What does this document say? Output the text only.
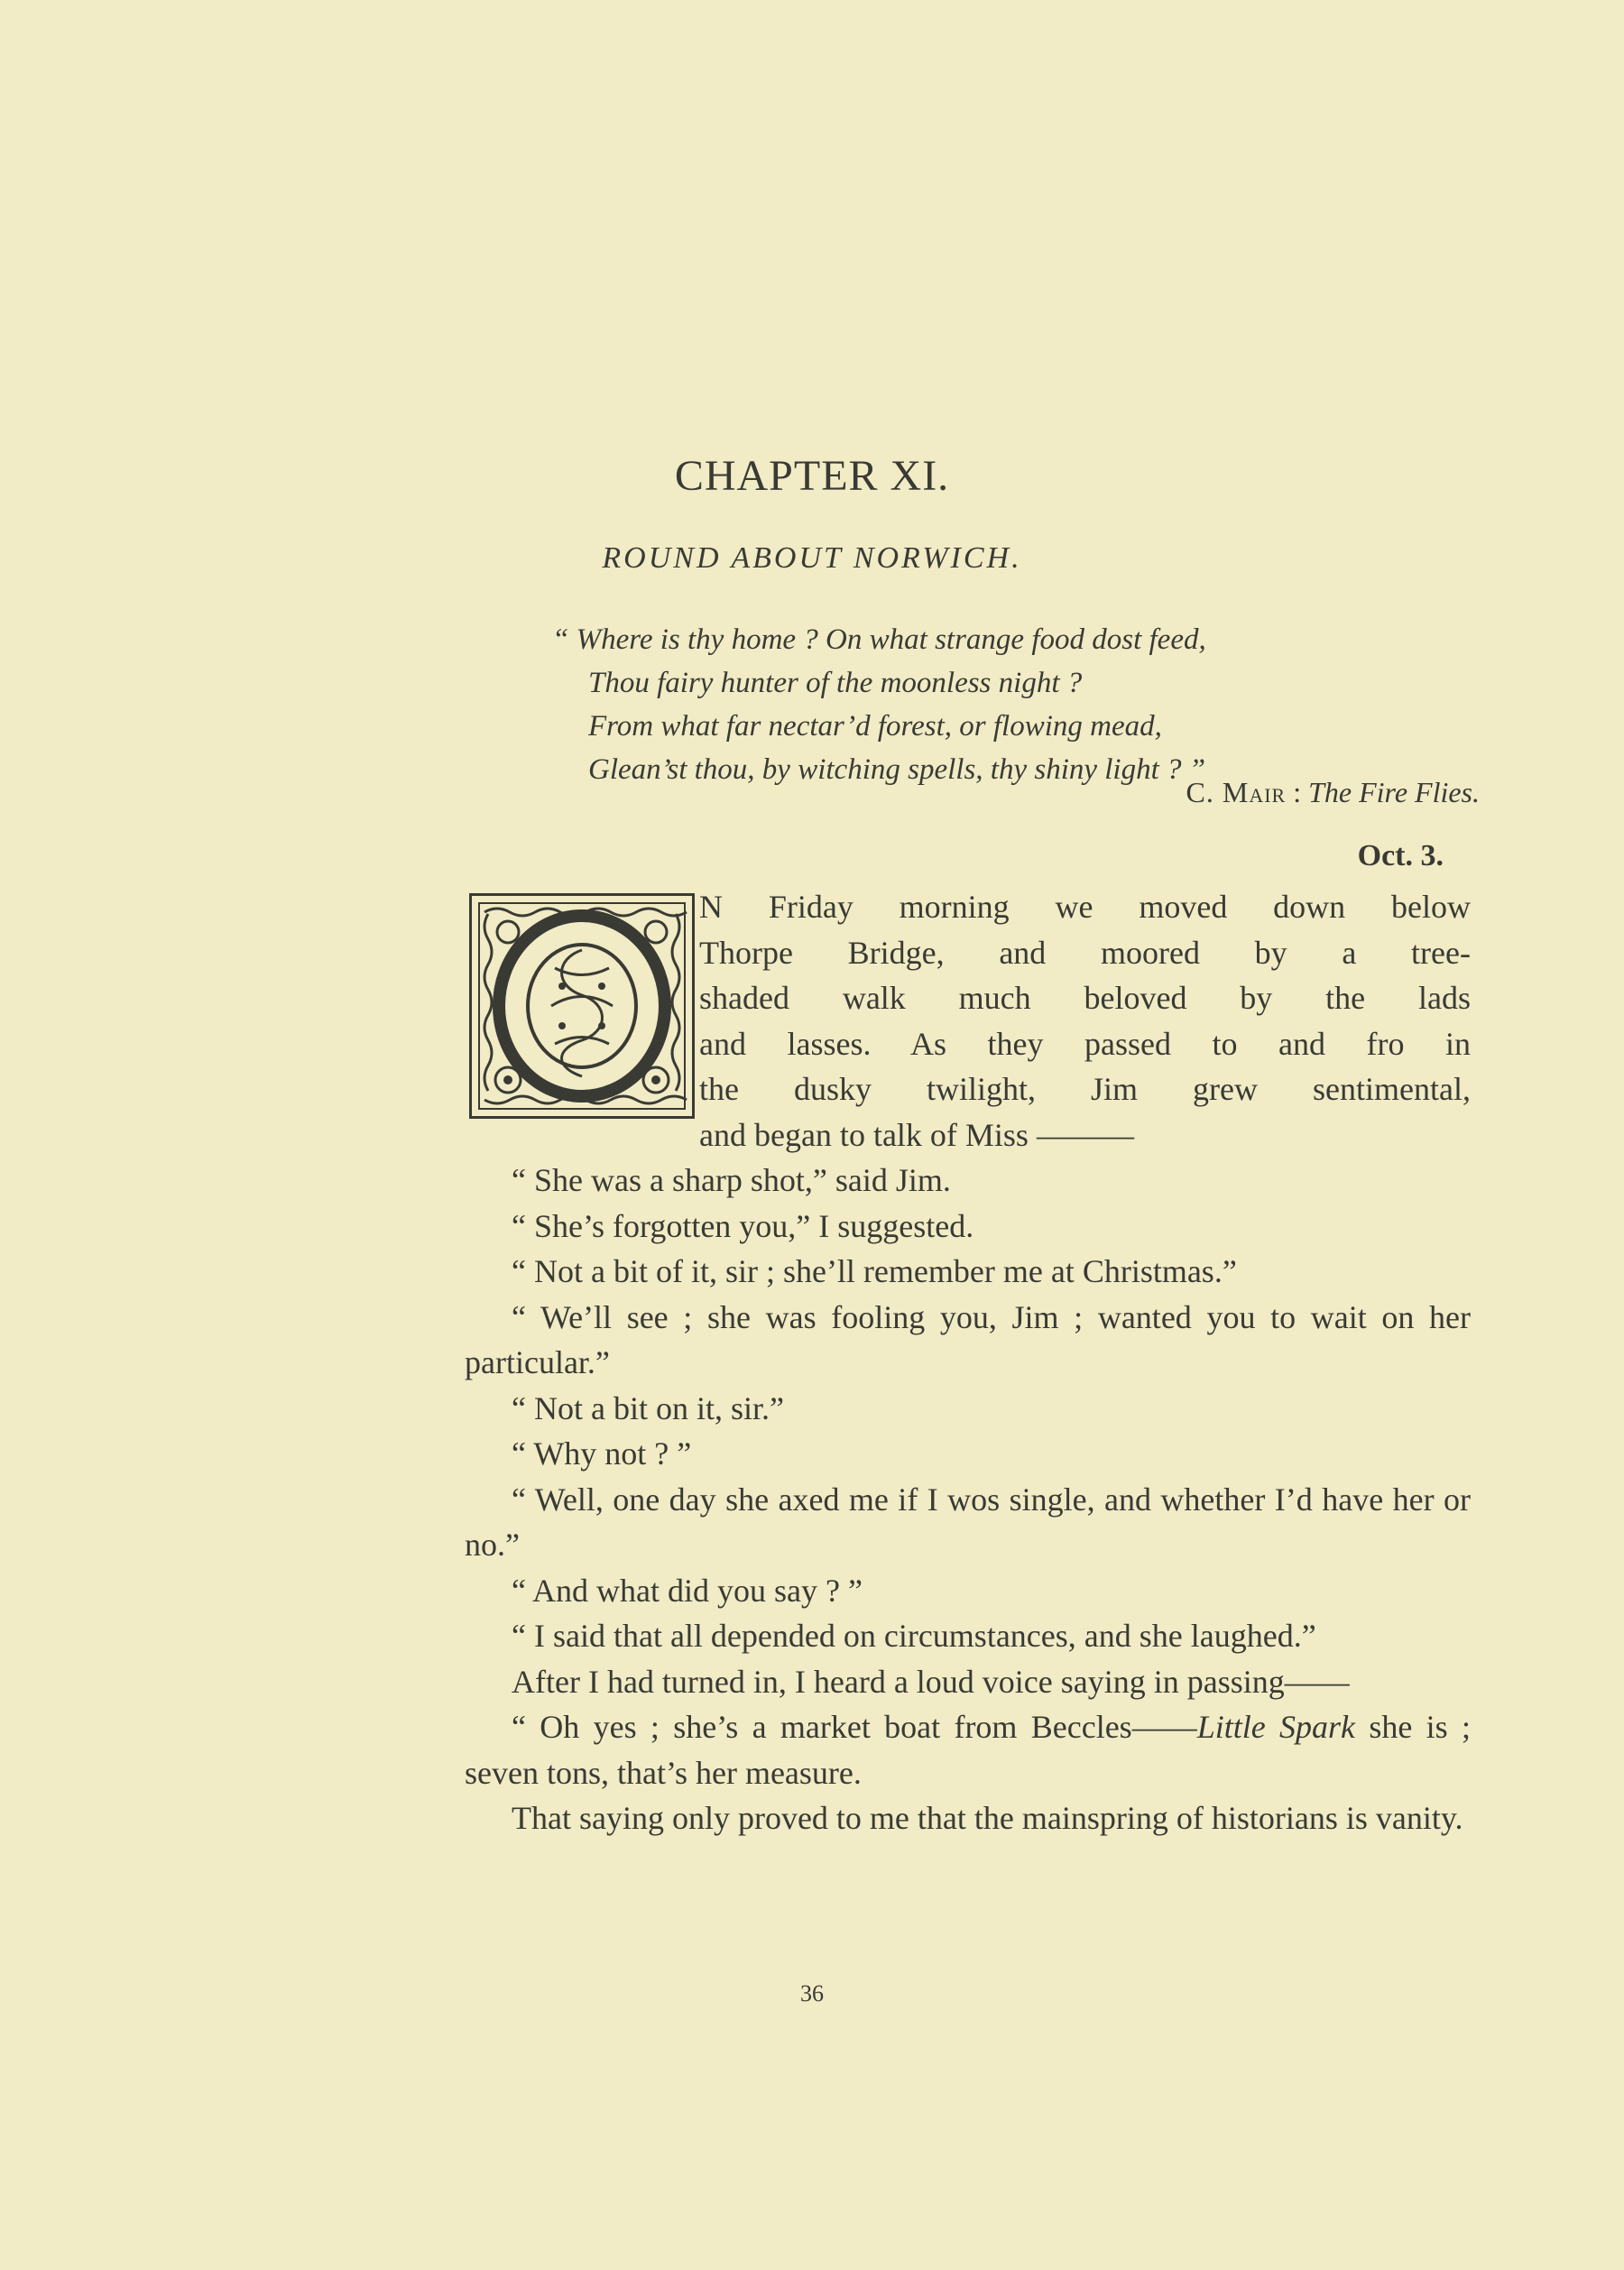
CHAPTER XI.
ROUND ABOUT NORWICH.
“ Where is thy home ? On what strange food dost feed,
Thou fairy hunter of the moonless night ?
From what far nectar’d forest, or flowing mead,
Glean’st thou, by witching spells, thy shiny light ? ”
C. Mair : The Fire Flies.
Oct. 3.
N Friday morning we moved down below
Thorpe Bridge, and moored by a tree-
shaded walk much beloved by the lads
and lasses. As they passed to and fro in
the dusky twilight, Jim grew sentimental,
and began to talk of Miss ———

“ She was a sharp shot,” said Jim.

“ She’s forgotten you,” I suggested.

“ Not a bit of it, sir ; she’ll remember me at Christmas.”

“ We’ll see ; she was fooling you, Jim ; wanted you to wait on her particular.”

“ Not a bit on it, sir.”

“ Why not ? ”

“ Well, one day she axed me if I wos single, and whether I’d have her or no.”

“ And what did you say ? ”

“ I said that all depended on circumstances, and she laughed.”

After I had turned in, I heard a loud voice saying in passing——

“ Oh yes ; she’s a market boat from Beccles——Little Spark she is ; seven tons, that’s her measure.

That saying only proved to me that the mainspring of historians is vanity.

36
